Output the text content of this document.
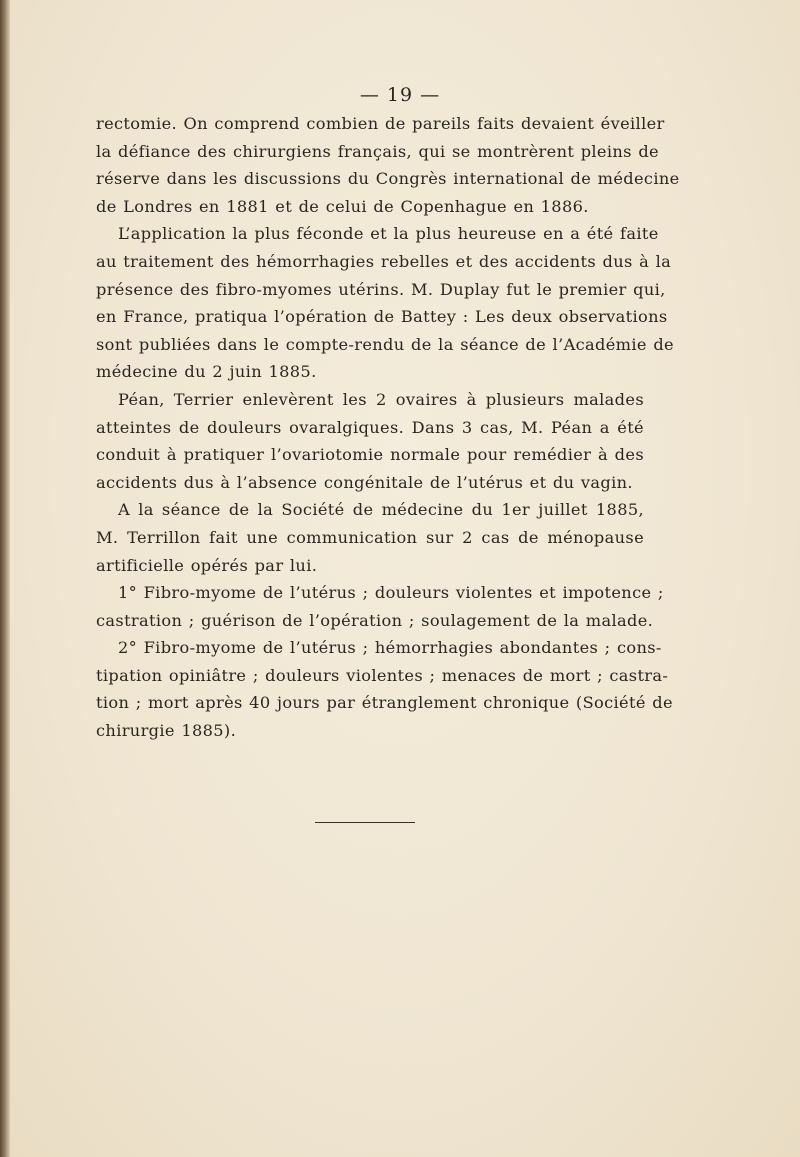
— 19 —
rectomie. On comprend combien de pareils faits devaient éveiller
la défiance des chirurgiens français, qui se montrèrent pleins de
réserve dans les discussions du Congrès international de médecine
de Londres en 1881 et de celui de Copenhague en 1886.
L’application la plus féconde et la plus heureuse en a été faite
au traitement des hémorrhagies rebelles et des accidents dus à la
présence des fibro-myomes utérins. M. Duplay fut le premier qui,
en France, pratiqua l’opération de Battey : Les deux observations
sont publiées dans le compte-rendu de la séance de l’Académie de
médecine du 2 juin 1885.
Péan, Terrier enlevèrent les 2 ovaires à plusieurs malades
atteintes de douleurs ovaralgiques. Dans 3 cas, M. Péan a été
conduit à pratiquer l’ovariotomie normale pour remédier à des
accidents dus à l’absence congénitale de l’utérus et du vagin.
A la séance de la Société de médecine du 1er juillet 1885,
M. Terrillon fait une communication sur 2 cas de ménopause
artificielle opérés par lui.
1° Fibro-myome de l’utérus ; douleurs violentes et impotence ;
castration ; guérison de l’opération ; soulagement de la malade.
2° Fibro-myome de l’utérus ; hémorrhagies abondantes ; cons-
tipation opiniâtre ; douleurs violentes ; menaces de mort ; castra-
tion ; mort après 40 jours par étranglement chronique (Société de
chirurgie 1885).
